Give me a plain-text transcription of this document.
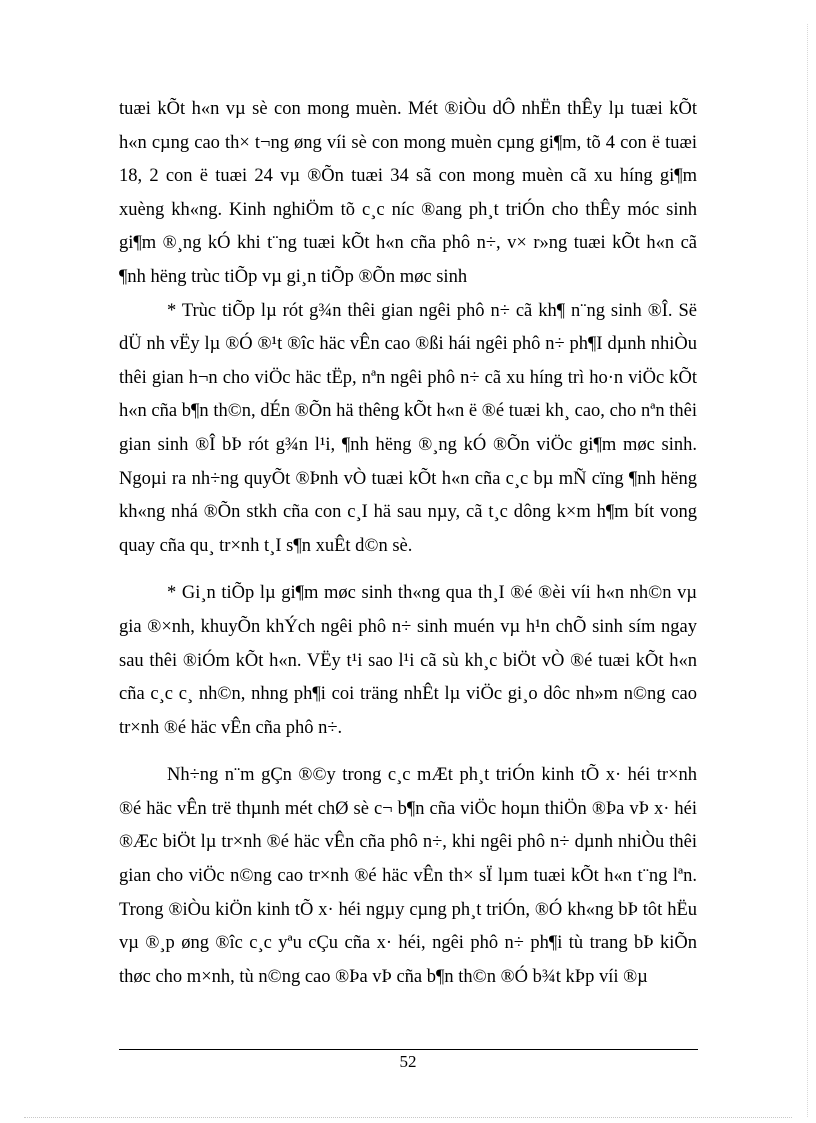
tuæi kÕt h«n vµ sè con mong muèn. Mét ®iÒu dÔ nhËn thÊy lµ tuæi kÕt h«n cµng cao th× t¬ng øng víi sè con mong muèn cµng gi¶m, tõ 4 con ë tuæi 18, 2 con ë tuæi 24 vµ ®Õn tuæi 34 sã con mong muèn cã xu híng gi¶m xuèng kh«ng. Kinh nghiÖm tõ c¸c níc ®ang ph¸t triÓn cho thÊy móc sinh gi¶m ®¸ng kÓ khi t¨ng tuæi kÕt h«n cña phô n÷, v× r»ng tuæi kÕt h«n cã ¶nh hëng trùc tiÕp vµ gi¸n tiÕp ®Õn møc sinh

* Trùc tiÕp lµ rót g¾n thêi gian ngêi phô n÷ cã kh¶ n¨ng sinh ®Î. Së dÜ nh vËy lµ ®Ó ®¹t ®îc häc vÊn cao ®ßi hái ngêi phô n÷ ph¶I dµnh nhiÒu thêi gian h¬n cho viÖc häc tËp, nªn ngêi phô n÷ cã xu híng trì ho·n viÖc kÕt h«n cña b¶n th©n, dÉn ®Õn hä thêng kÕt h«n ë ®é tuæi kh¸ cao, cho nªn thêi gian sinh ®Î bÞ rót g¾n l¹i, ¶nh hëng ®¸ng kÓ ®Õn viÖc gi¶m møc sinh. Ngoµi ra nh÷ng quyÕt ®Þnh vÒ tuæi kÕt h«n cña c¸c bµ mÑ cïng ¶nh hëng kh«ng nhá ®Õn stkh cña con c¸I hä sau nµy, cã t¸c dông k×m h¶m bít vong quay cña qu¸ tr×nh t¸I s¶n xuÊt d©n sè.

* Gi¸n tiÕp lµ gi¶m møc sinh th«ng qua th¸I ®é ®èi víi h«n nh©n vµ gia ®×nh, khuyÕn khÝch ngêi phô n÷ sinh muén vµ h¹n chÕ sinh sím ngay sau thêi ®iÓm kÕt h«n. VËy t¹i sao l¹i cã sù kh¸c biÖt vÒ ®é tuæi kÕt h«n cña c¸c c¸ nh©n, nhng ph¶i coi träng nhÊt lµ viÖc gi¸o dôc nh»m n©ng cao tr×nh ®é häc vÊn cña phô n÷.

Nh÷ng n¨m gÇn ®©y trong c¸c mÆt ph¸t triÓn kinh tÕ x· héi tr×nh ®é häc vÊn trë thµnh mét chØ sè c¬ b¶n cña viÖc hoµn thiÖn ®Þa vÞ x· héi ®Æc biÖt lµ tr×nh ®é häc vÊn cña phô n÷, khi ngêi phô n÷ dµnh nhiÒu thêi gian cho viÖc n©ng cao tr×nh ®é häc vÊn th× sÏ lµm tuæi kÕt h«n t¨ng lªn. Trong ®iÒu kiÖn kinh tÕ x· héi ngµy cµng ph¸t triÓn, ®Ó kh«ng bÞ tôt hËu vµ ®¸p øng ®îc c¸c yªu cÇu cña x· héi, ngêi phô n÷ ph¶i tù trang bÞ kiÕn thøc cho m×nh, tù n©ng cao ®Þa vÞ cña b¶n th©n ®Ó b¾t kÞp víi ®µ

52
